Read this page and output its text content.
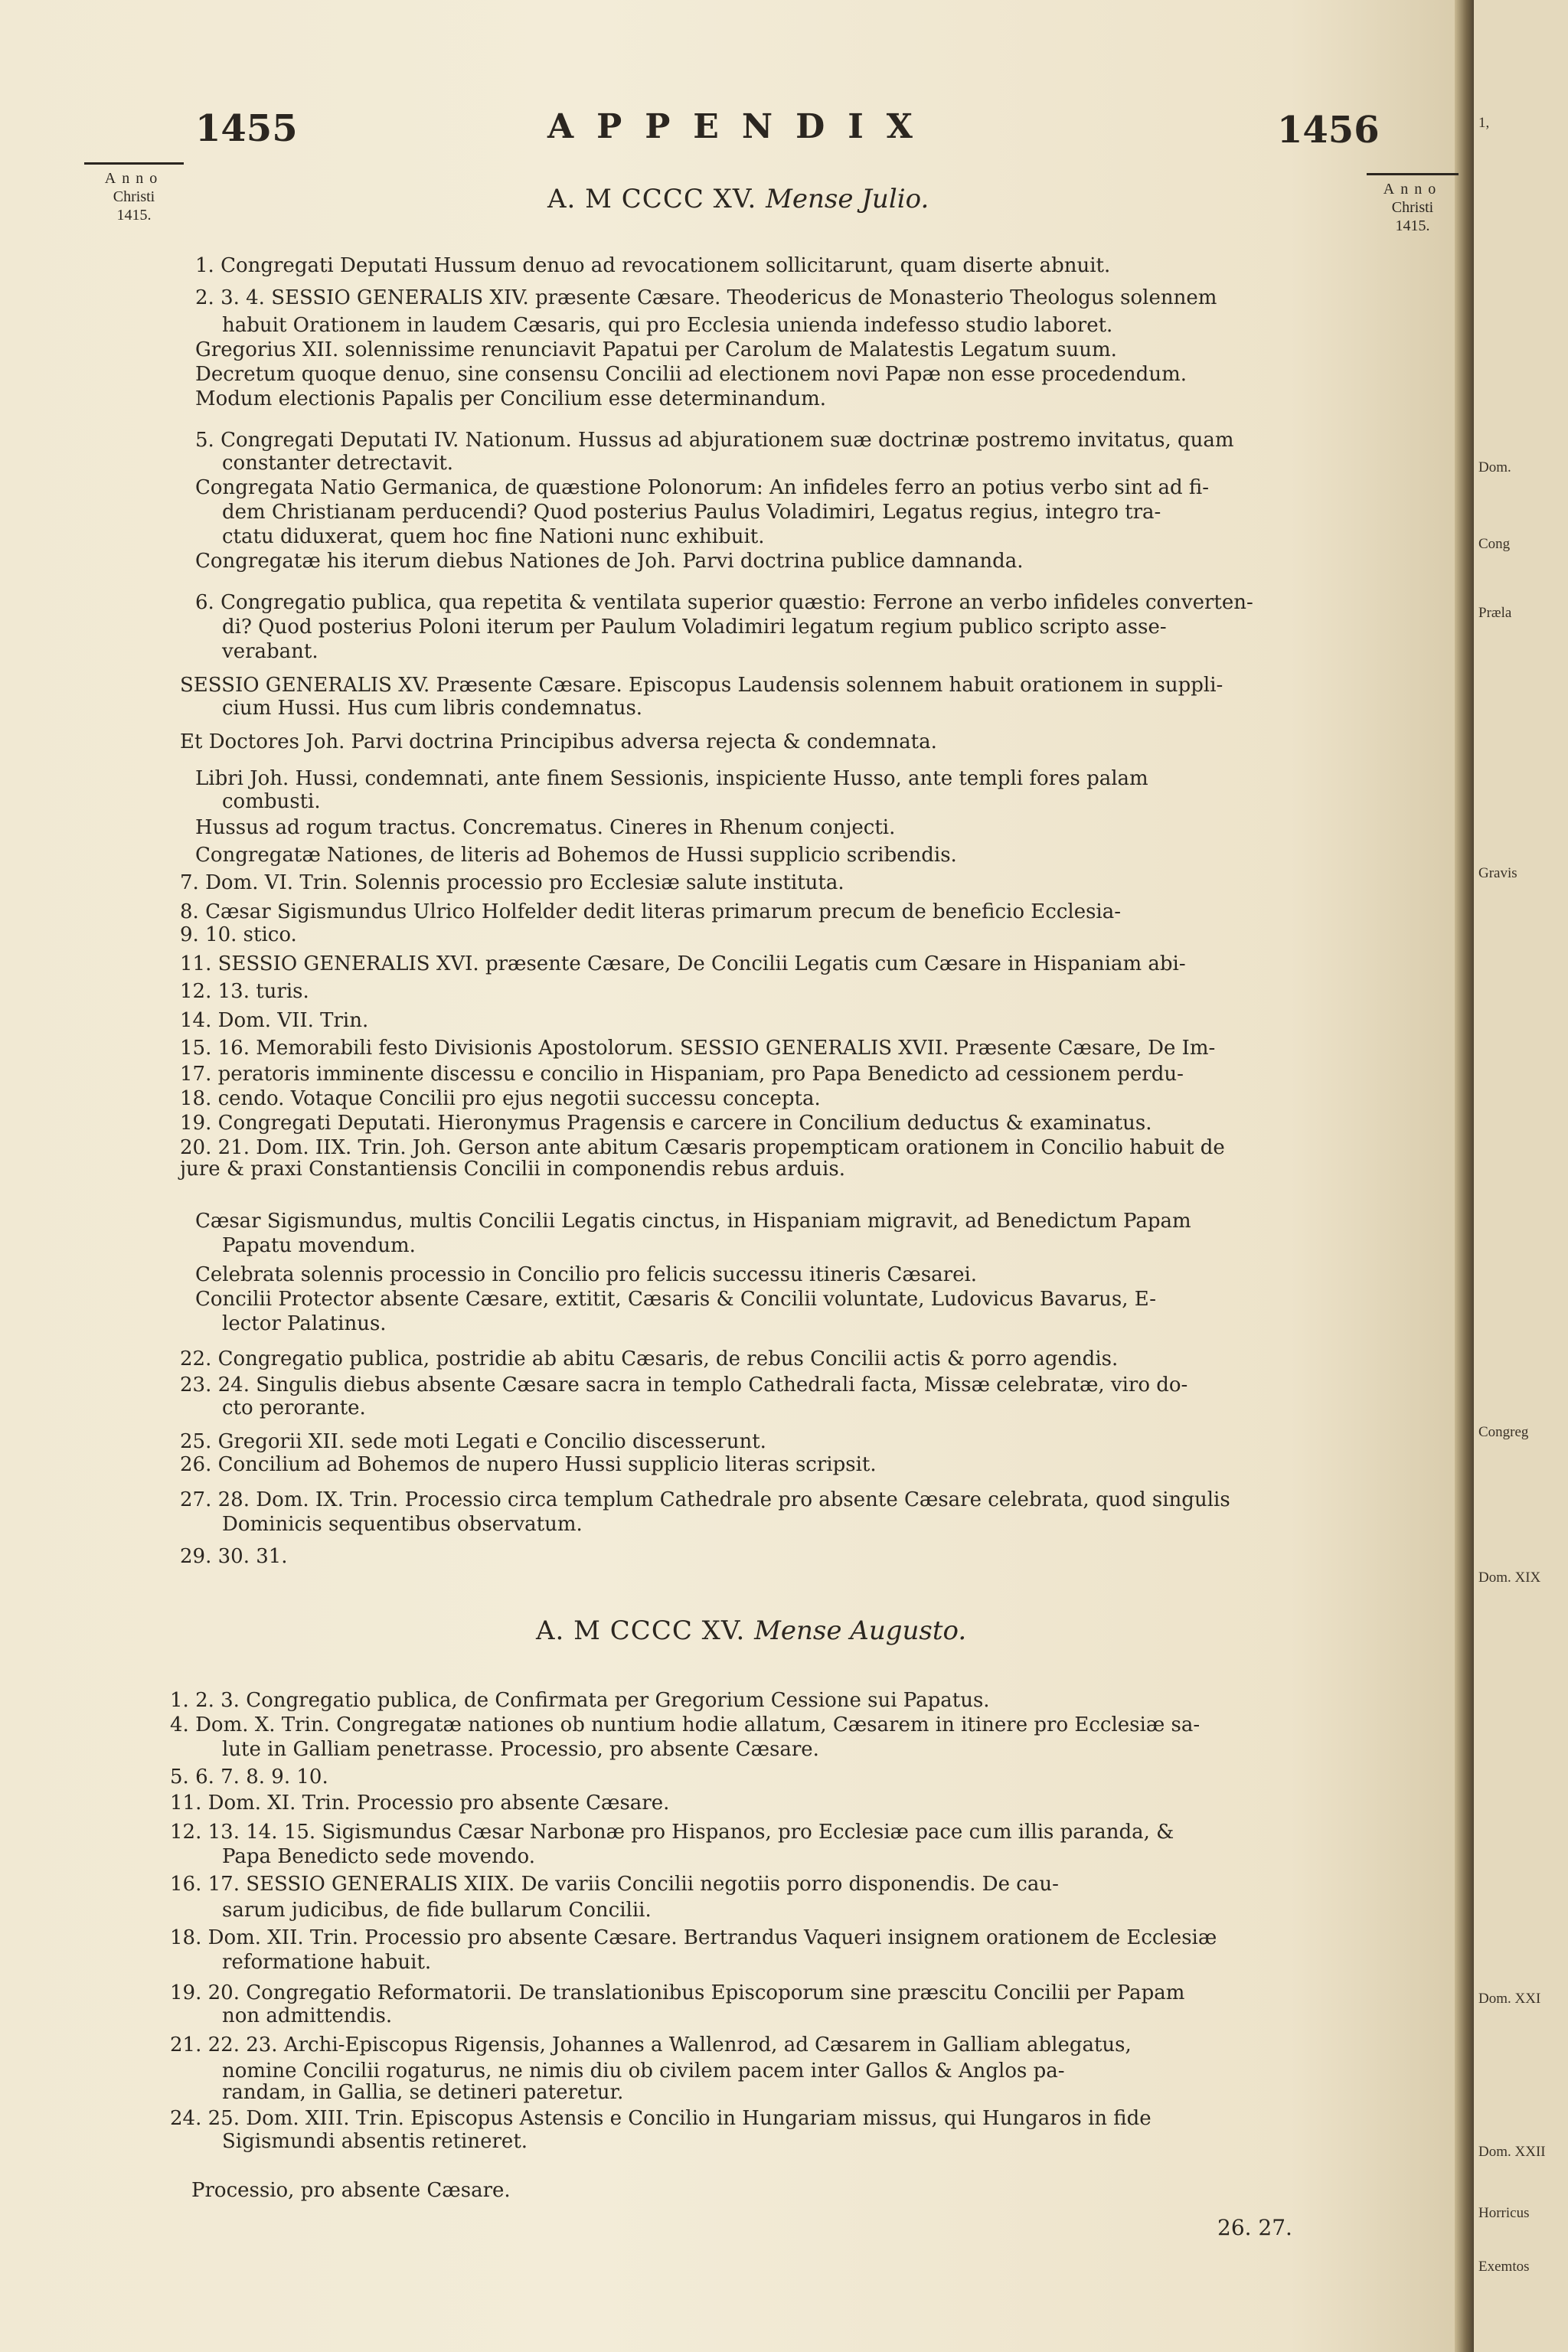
1,
Dom.
Cong
Præla
Gravis
Congreg
Dom. XIX
Dom. XXI
Dom. XXII
Horricus
Exemtos
1455	APPENDIX	1456
Anno
Christi
1415.
Anno
Christi
1415.
A. M CCCC XV. Mense Julio.
1. Congregati Deputati Hussum denuo ad revocationem sollicitarunt, quam diserte abnuit.
2. 3. 4. SESSIO GENERALIS XIV. præsente Cæsare. Theodericus de Monasterio Theologus solennem
habuit Orationem in laudem Cæsaris, qui pro Ecclesia unienda indefesso studio laboret.
Gregorius XII. solennissime renunciavit Papatui per Carolum de Malatestis Legatum suum.
Decretum quoque denuo, sine consensu Concilii ad electionem novi Papæ non esse procedendum.
Modum electionis Papalis per Concilium esse determinandum.
5. Congregati Deputati IV. Nationum. Hussus ad abjurationem suæ doctrinæ postremo invitatus, quam
constanter detrectavit.
Congregata Natio Germanica, de quæstione Polonorum: An infideles ferro an potius verbo sint ad fi-
dem Christianam perducendi? Quod posterius Paulus Voladimiri, Legatus regius, integro tra-
ctatu diduxerat, quem hoc fine Nationi nunc exhibuit.
Congregatæ his iterum diebus Nationes de Joh. Parvi doctrina publice damnanda.
6. Congregatio publica, qua repetita & ventilata superior quæstio: Ferrone an verbo infideles converten-
di? Quod posterius Poloni iterum per Paulum Voladimiri legatum regium publico scripto asse-
verabant.
SESSIO GENERALIS XV. Præsente Cæsare. Episcopus Laudensis solennem habuit orationem in suppli-
cium Hussi. Hus cum libris condemnatus.
Et Doctores Joh. Parvi doctrina Principibus adversa rejecta & condemnata.
Libri Joh. Hussi, condemnati, ante finem Sessionis, inspiciente Husso, ante templi fores palam
combusti.
Hussus ad rogum tractus. Concrematus. Cineres in Rhenum conjecti.
Congregatæ Nationes, de literis ad Bohemos de Hussi supplicio scribendis.
7. Dom. VI. Trin. Solennis processio pro Ecclesiæ salute instituta.
8. Cæsar Sigismundus Ulrico Holfelder dedit literas primarum precum de beneficio Ecclesia-
9. 10. stico.
11. SESSIO GENERALIS XVI. præsente Cæsare, De Concilii Legatis cum Cæsare in Hispaniam abi-
12. 13. turis.
14. Dom. VII. Trin.
15. 16. Memorabili festo Divisionis Apostolorum. SESSIO GENERALIS XVII. Præsente Cæsare, De Im-
17. peratoris imminente discessu e concilio in Hispaniam, pro Papa Benedicto ad cessionem perdu-
18. cendo. Votaque Concilii pro ejus negotii successu concepta.
19. Congregati Deputati. Hieronymus Pragensis e carcere in Concilium deductus & examinatus.
20. 21. Dom. IIX. Trin. Joh. Gerson ante abitum Cæsaris propempticam orationem in Concilio habuit de
jure & praxi Constantiensis Concilii in componendis rebus arduis.
Cæsar Sigismundus, multis Concilii Legatis cinctus, in Hispaniam migravit, ad Benedictum Papam
Papatu movendum.
Celebrata solennis processio in Concilio pro felicis successu itineris Cæsarei.
Concilii Protector absente Cæsare, extitit, Cæsaris & Concilii voluntate, Ludovicus Bavarus, E-
lector Palatinus.
22. Congregatio publica, postridie ab abitu Cæsaris, de rebus Concilii actis & porro agendis.
23. 24. Singulis diebus absente Cæsare sacra in templo Cathedrali facta, Missæ celebratæ, viro do-
cto perorante.
25. Gregorii XII. sede moti Legati e Concilio discesserunt.
26. Concilium ad Bohemos de nupero Hussi supplicio literas scripsit.
27. 28. Dom. IX. Trin. Processio circa templum Cathedrale pro absente Cæsare celebrata, quod singulis
Dominicis sequentibus observatum.
29. 30. 31.
A. M CCCC XV. Mense Augusto.
1. 2. 3. Congregatio publica, de Confirmata per Gregorium Cessione sui Papatus.
4. Dom. X. Trin. Congregatæ nationes ob nuntium hodie allatum, Cæsarem in itinere pro Ecclesiæ sa-
lute in Galliam penetrasse. Processio, pro absente Cæsare.
5. 6. 7. 8. 9. 10.
11. Dom. XI. Trin. Processio pro absente Cæsare.
12. 13. 14. 15. Sigismundus Cæsar Narbonæ pro Hispanos, pro Ecclesiæ pace cum illis paranda, &
Papa Benedicto sede movendo.
16. 17. SESSIO GENERALIS XIIX. De variis Concilii negotiis porro disponendis. De cau-
sarum judicibus, de fide bullarum Concilii.
18. Dom. XII. Trin. Processio pro absente Cæsare. Bertrandus Vaqueri insignem orationem de Ecclesiæ
reformatione habuit.
19. 20. Congregatio Reformatorii. De translationibus Episcoporum sine præscitu Concilii per Papam
non admittendis.
21. 22. 23. Archi-Episcopus Rigensis, Johannes a Wallenrod, ad Cæsarem in Galliam ablegatus,
nomine Concilii rogaturus, ne nimis diu ob civilem pacem inter Gallos & Anglos pa-
randam, in Gallia, se detineri pateretur.
24. 25. Dom. XIII. Trin. Episcopus Astensis e Concilio in Hungariam missus, qui Hungaros in fide
Sigismundi absentis retineret.
Processio, pro absente Cæsare.
26. 27.
